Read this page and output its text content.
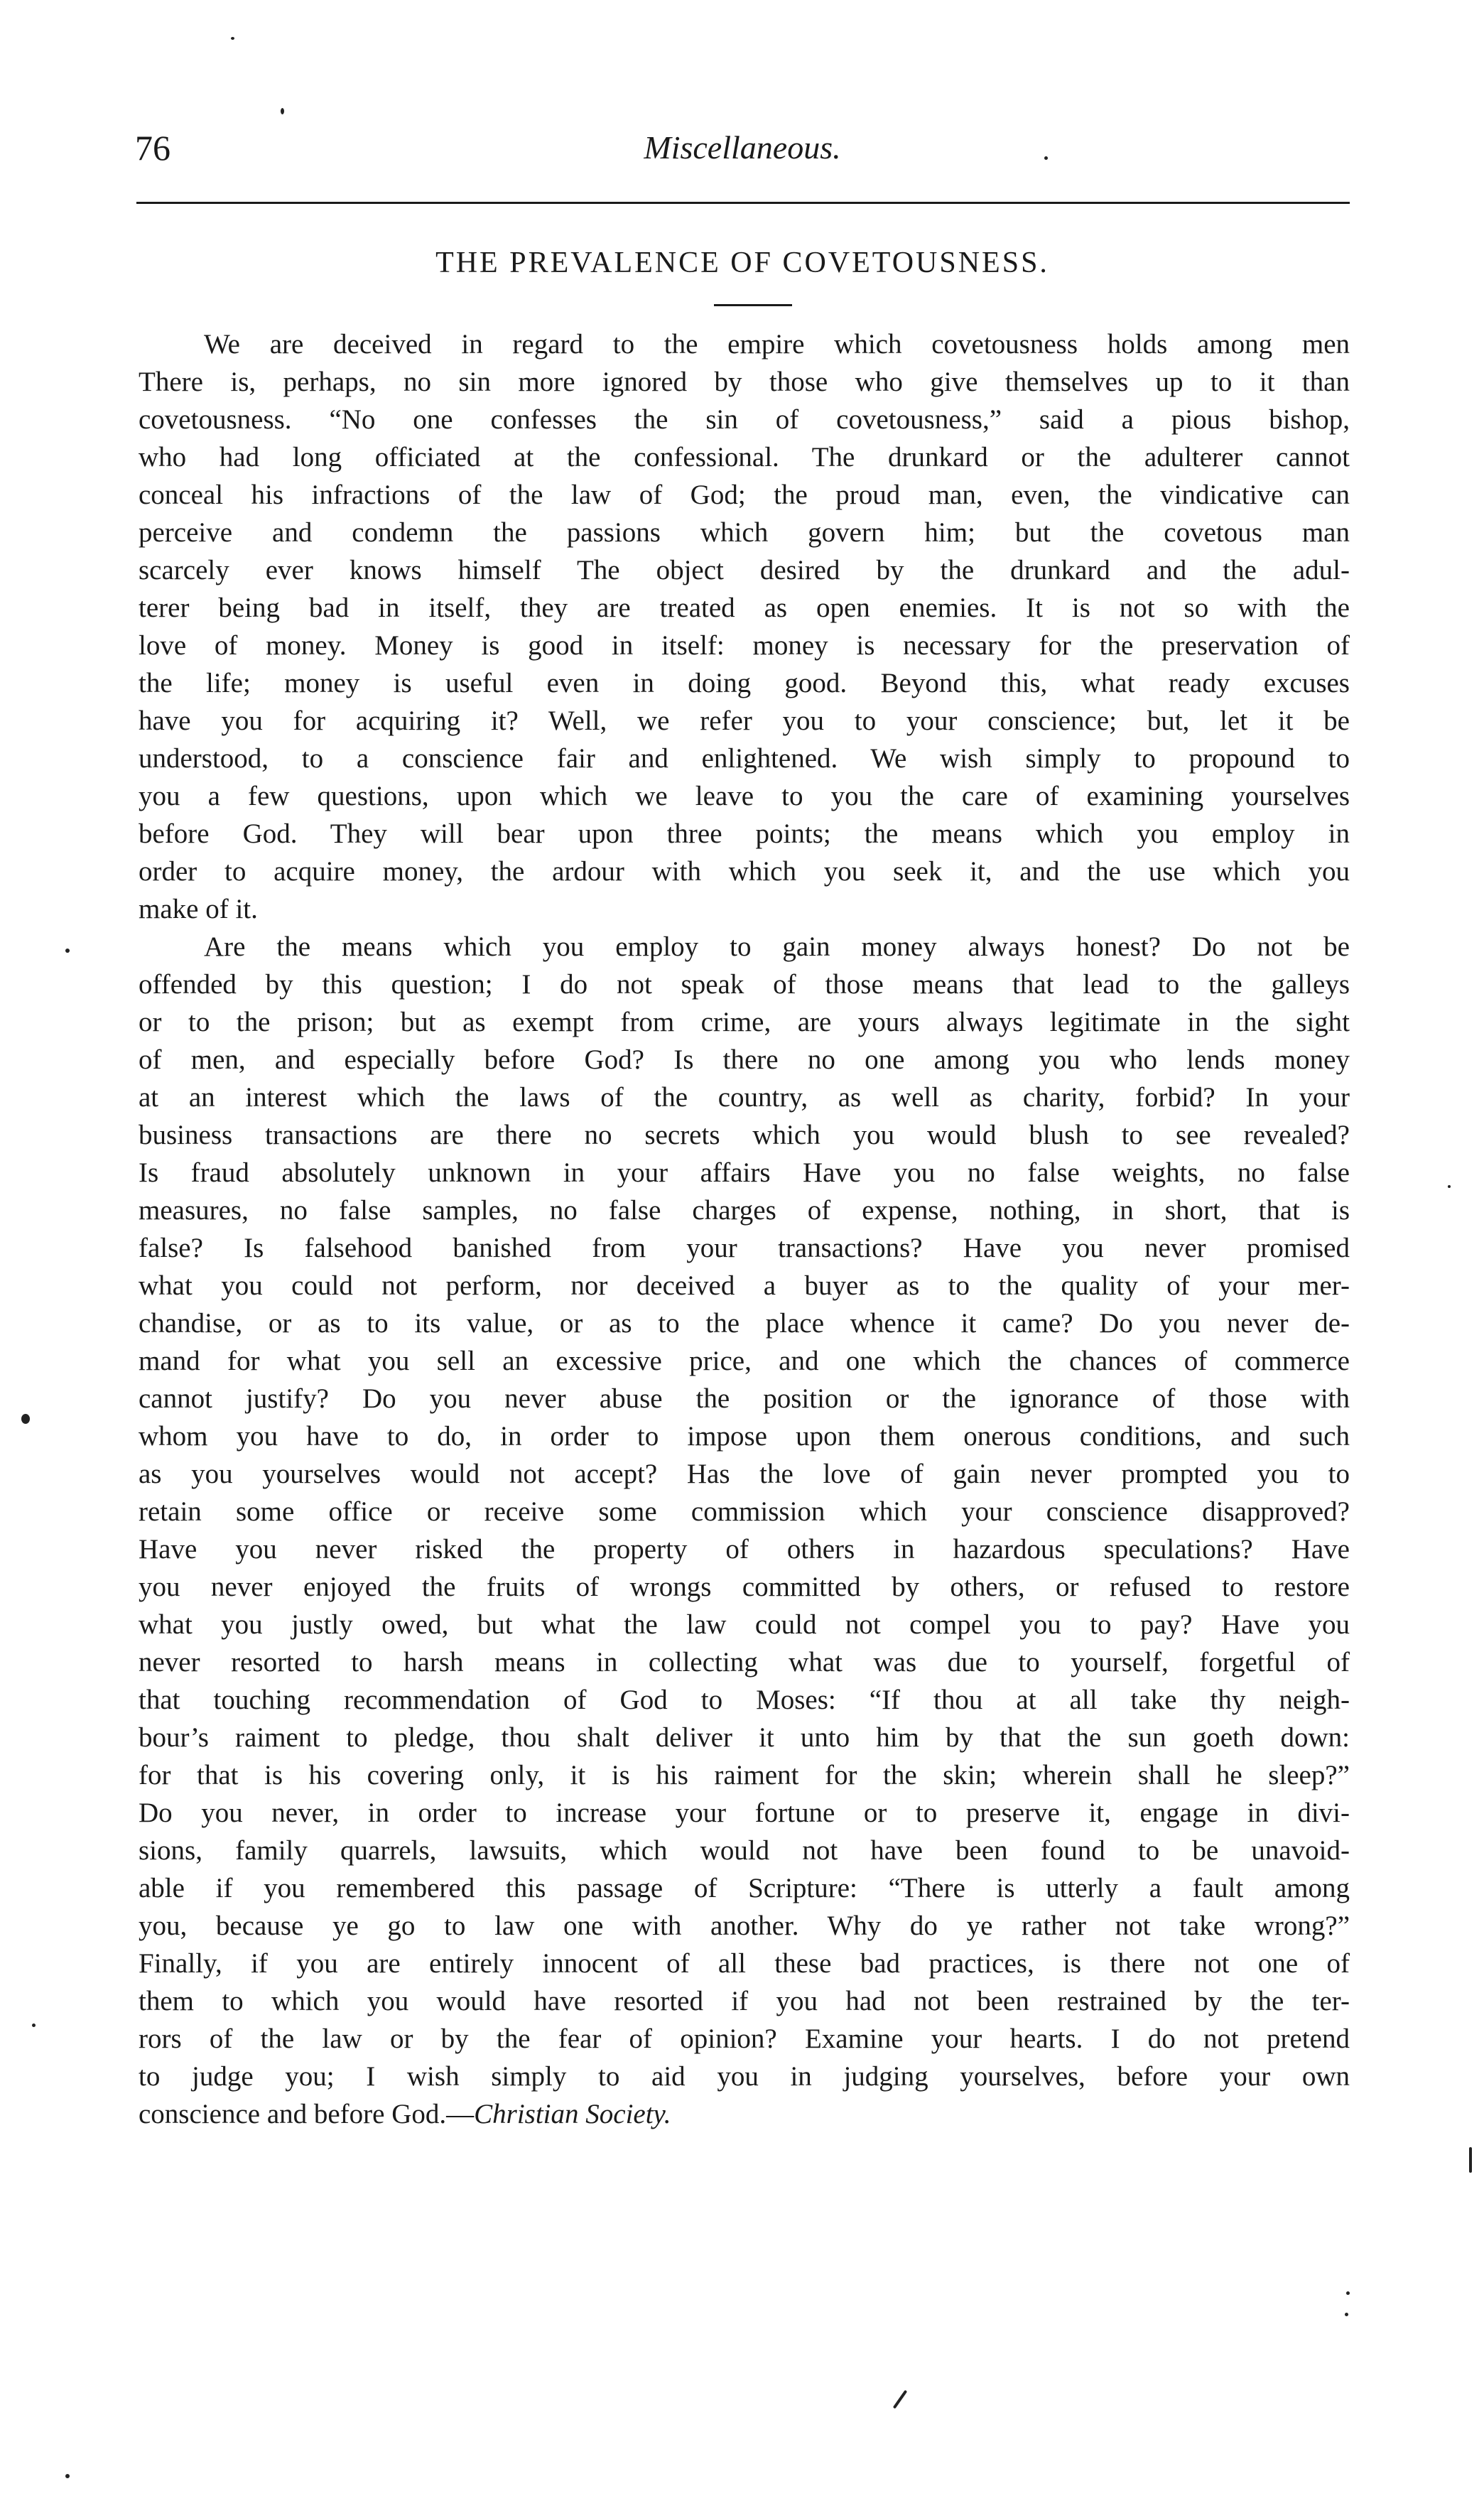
76	Miscellaneous.
THE PREVALENCE OF COVETOUSNESS.
We are deceived in regard to the empire which covetousness holds among men
There is, perhaps, no sin more ignored by those who give themselves up to it than
covetousness. “No one confesses the sin of covetousness,” said a pious bishop,
who had long officiated at the confessional. The drunkard or the adulterer cannot
conceal his infractions of the law of God; the proud man, even, the vindicative can
perceive and condemn the passions which govern him; but the covetous man
scarcely ever knows himself The object desired by the drunkard and the adul-
terer being bad in itself, they are treated as open enemies. It is not so with the
love of money. Money is good in itself: money is necessary for the preservation of
the life; money is useful even in doing good. Beyond this, what ready excuses
have you for acquiring it? Well, we refer you to your conscience; but, let it be
understood, to a conscience fair and enlightened. We wish simply to propound to
you a few questions, upon which we leave to you the care of examining yourselves
before God. They will bear upon three points; the means which you employ in
order to acquire money, the ardour with which you seek it, and the use which you
make of it.
Are the means which you employ to gain money always honest? Do not be
offended by this question; I do not speak of those means that lead to the galleys
or to the prison; but as exempt from crime, are yours always legitimate in the sight
of men, and especially before God? Is there no one among you who lends money
at an interest which the laws of the country, as well as charity, forbid? In your
business transactions are there no secrets which you would blush to see revealed?
Is fraud absolutely unknown in your affairs Have you no false weights, no false
measures, no false samples, no false charges of expense, nothing, in short, that is
false? Is falsehood banished from your transactions? Have you never promised
what you could not perform, nor deceived a buyer as to the quality of your mer-
chandise, or as to its value, or as to the place whence it came? Do you never de-
mand for what you sell an excessive price, and one which the chances of commerce
cannot justify? Do you never abuse the position or the ignorance of those with
whom you have to do, in order to impose upon them onerous conditions, and such
as you yourselves would not accept? Has the love of gain never prompted you to
retain some office or receive some commission which your conscience disapproved?
Have you never risked the property of others in hazardous speculations? Have
you never enjoyed the fruits of wrongs committed by others, or refused to restore
what you justly owed, but what the law could not compel you to pay? Have you
never resorted to harsh means in collecting what was due to yourself, forgetful of
that touching recommendation of God to Moses: “If thou at all take thy neigh-
bour’s raiment to pledge, thou shalt deliver it unto him by that the sun goeth down:
for that is his covering only, it is his raiment for the skin; wherein shall he sleep?”
Do you never, in order to increase your fortune or to preserve it, engage in divi-
sions, family quarrels, lawsuits, which would not have been found to be unavoid-
able if you remembered this passage of Scripture: “There is utterly a fault among
you, because ye go to law one with another. Why do ye rather not take wrong?”
Finally, if you are entirely innocent of all these bad practices, is there not one of
them to which you would have resorted if you had not been restrained by the ter-
rors of the law or by the fear of opinion? Examine your hearts. I do not pretend
to judge you; I wish simply to aid you in judging yourselves, before your own
conscience and before God.—Christian Society.
